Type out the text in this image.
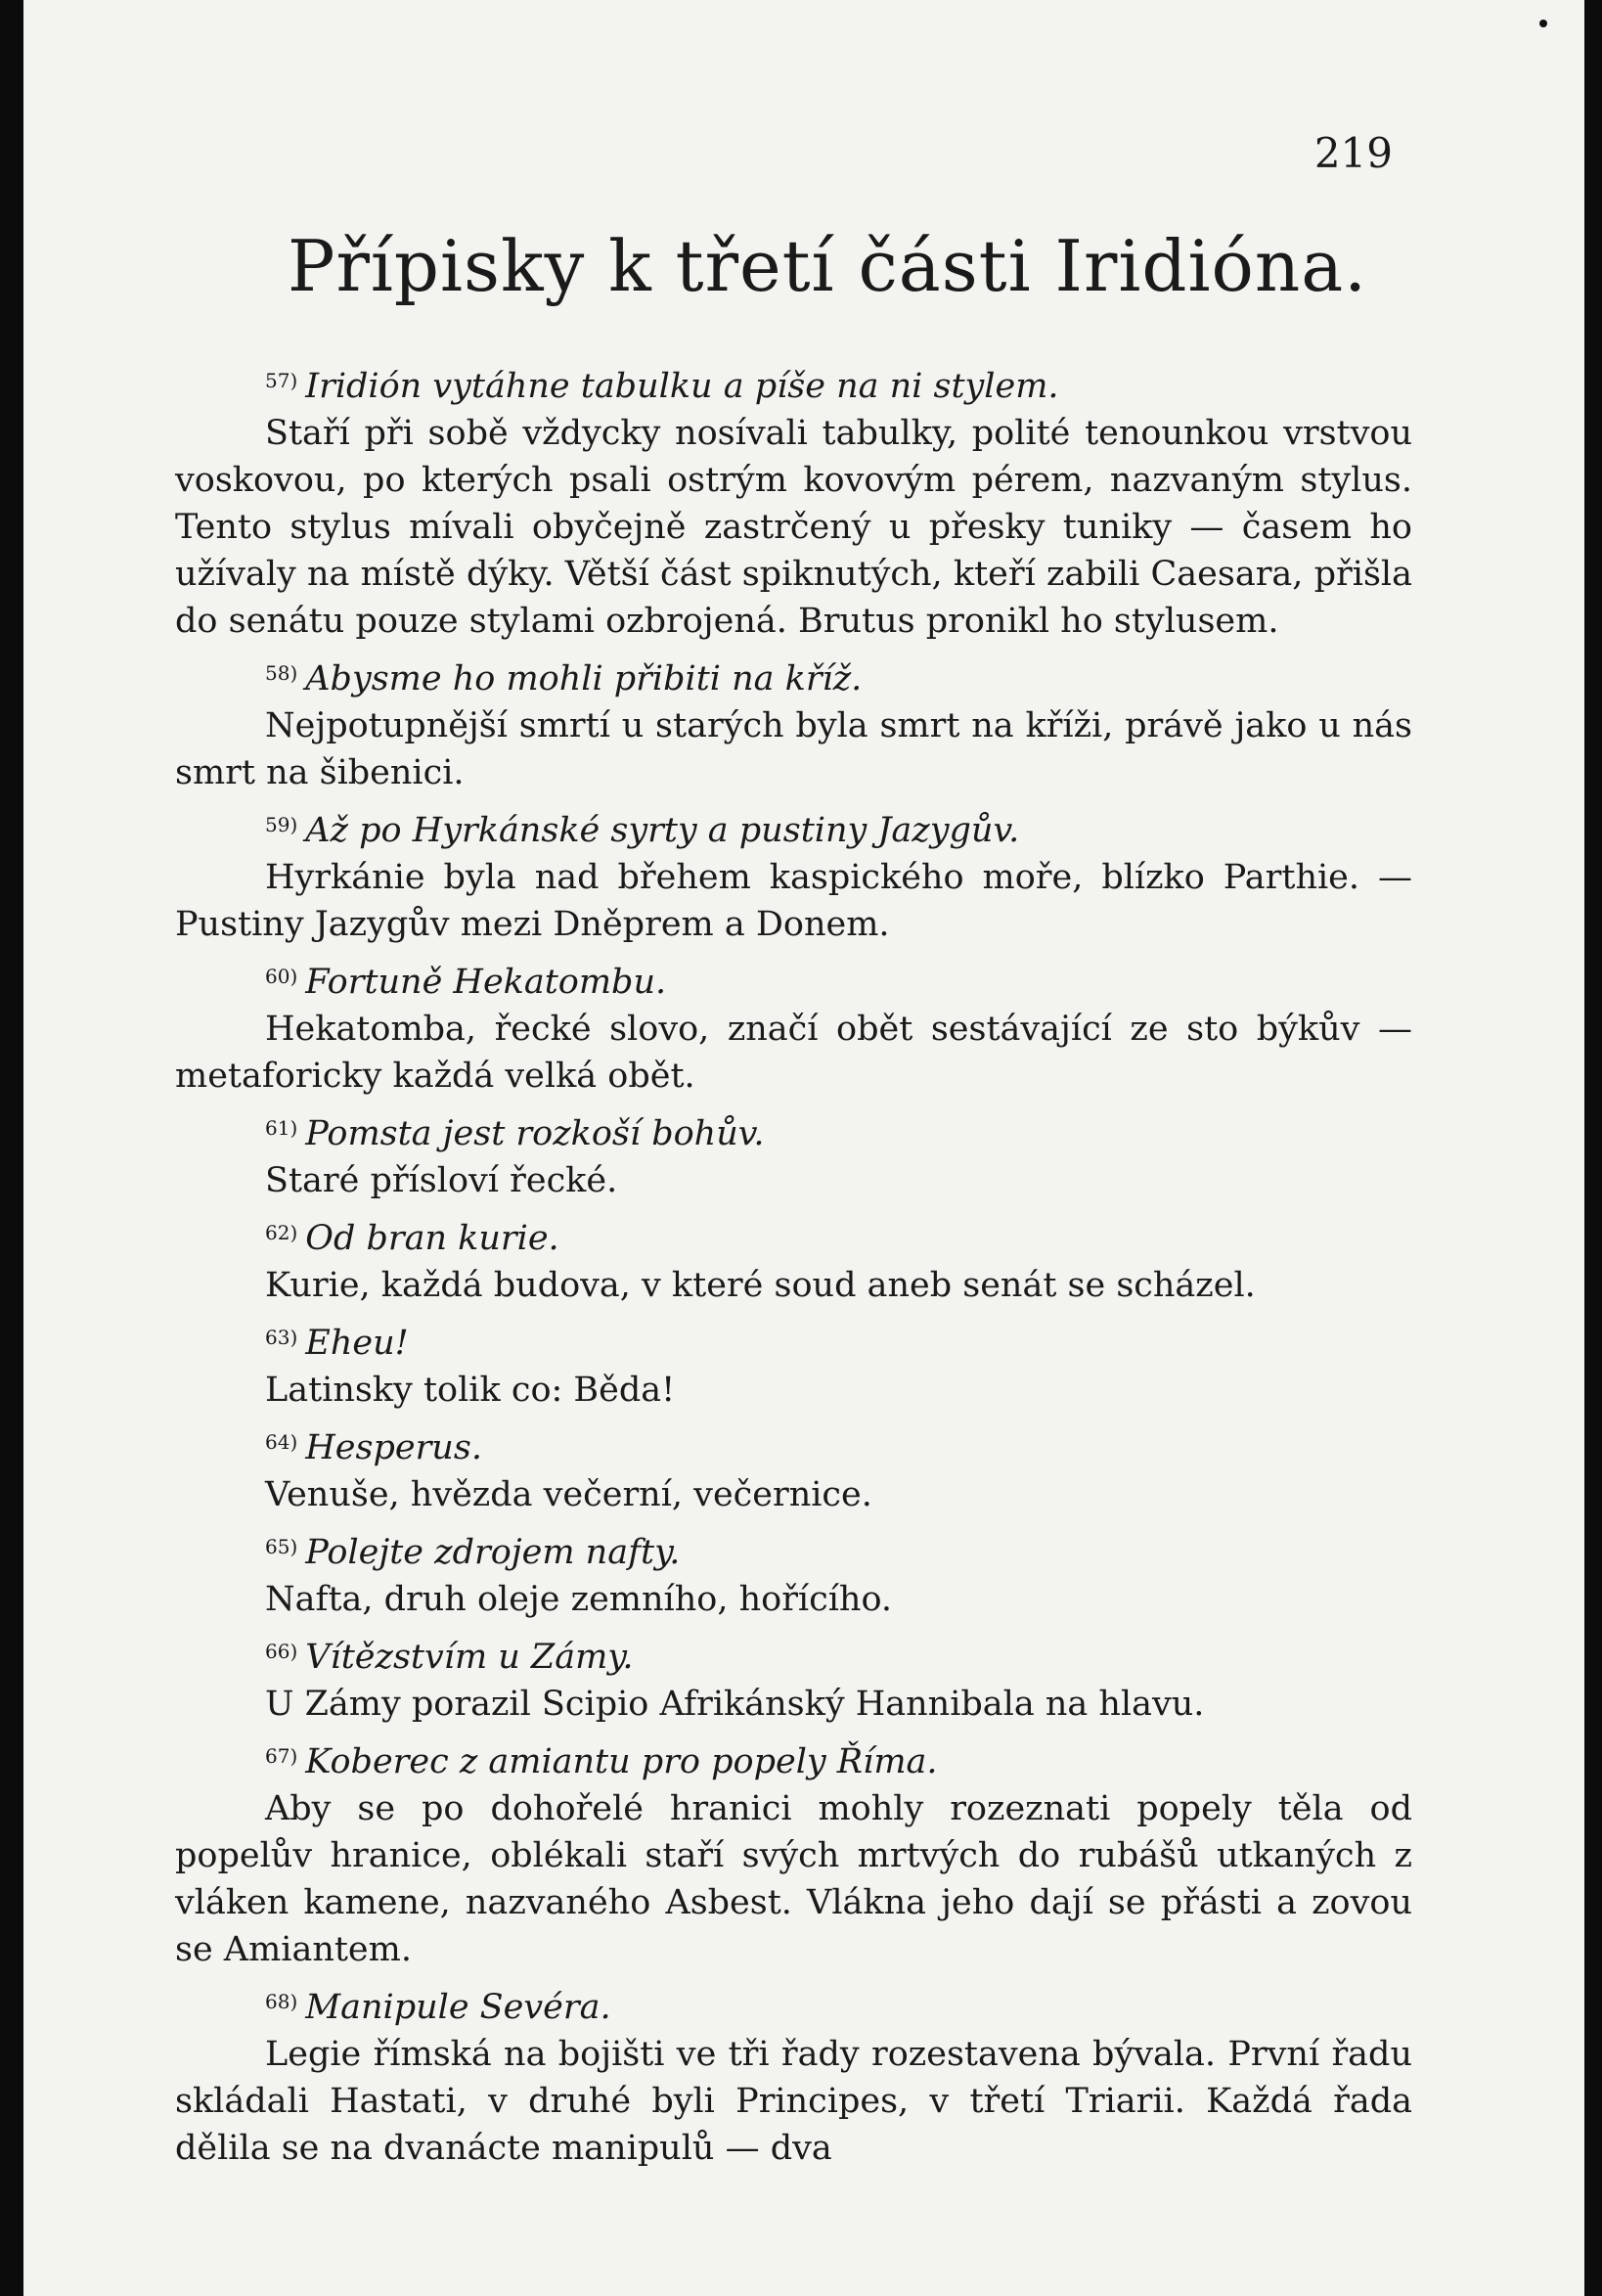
219
Přípisky k třetí části Iridióna.
$^{57)}$ Iridión vytáhne tabulku a píše na ni stylem.
Staří při sobě vždycky nosívali tabulky, polité tenounkou vrstvou voskovou, po kterých psali ostrým kovovým pérem, nazvaným stylus. Tento stylus mívali obyčejně zastrčený u přesky tuniky — časem ho užívaly na místě dýky. Větší část spiknutých, kteří zabili Caesara, přišla do senátu pouze stylami ozbrojená. Brutus pronikl ho stylusem.
$^{58)}$ Abysme ho mohli přibiti na kříž.
Nejpotupnější smrtí u starých byla smrt na kříži, právě jako u nás smrt na šibenici.
$^{59)}$ Až po Hyrkánské syrty a pustiny Jazygův.
Hyrkánie byla nad břehem kaspického moře, blízko Parthie. — Pustiny Jazygův mezi Dněprem a Donem.
$^{60)}$ Fortuně Hekatombu.
Hekatomba, řecké slovo, značí obět sestávající ze sto býkův — metaforicky každá velká obět.
$^{61)}$ Pomsta jest rozkoší bohův.
Staré přísloví řecké.
$^{62)}$ Od bran kurie.
Kurie, každá budova, v které soud aneb senát se scházel.
$^{63)}$ Eheu!
Latinsky tolik co: Běda!
$^{64)}$ Hesperus.
Venuše, hvězda večerní, večernice.
$^{65)}$ Polejte zdrojem nafty.
Nafta, druh oleje zemního, hořícího.
$^{66)}$ Vítězstvím u Zámy.
U Zámy porazil Scipio Afrikánský Hannibala na hlavu.
$^{67)}$ Koberec z amiantu pro popely Říma.
Aby se po dohořelé hranici mohly rozeznati popely těla od popelův hranice, oblékali staří svých mrtvých do rubášů utkaných z vláken kamene, nazvaného Asbest. Vlákna jeho dají se přásti a zovou se Amiantem.
$^{68)}$ Manipule Sevéra.
Legie římská na bojišti ve tři řady rozestavena bývala. První řadu skládali Hastati, v druhé byli Principes, v třetí Triarii. Každá řada dělila se na dvanácte manipulů — dva
